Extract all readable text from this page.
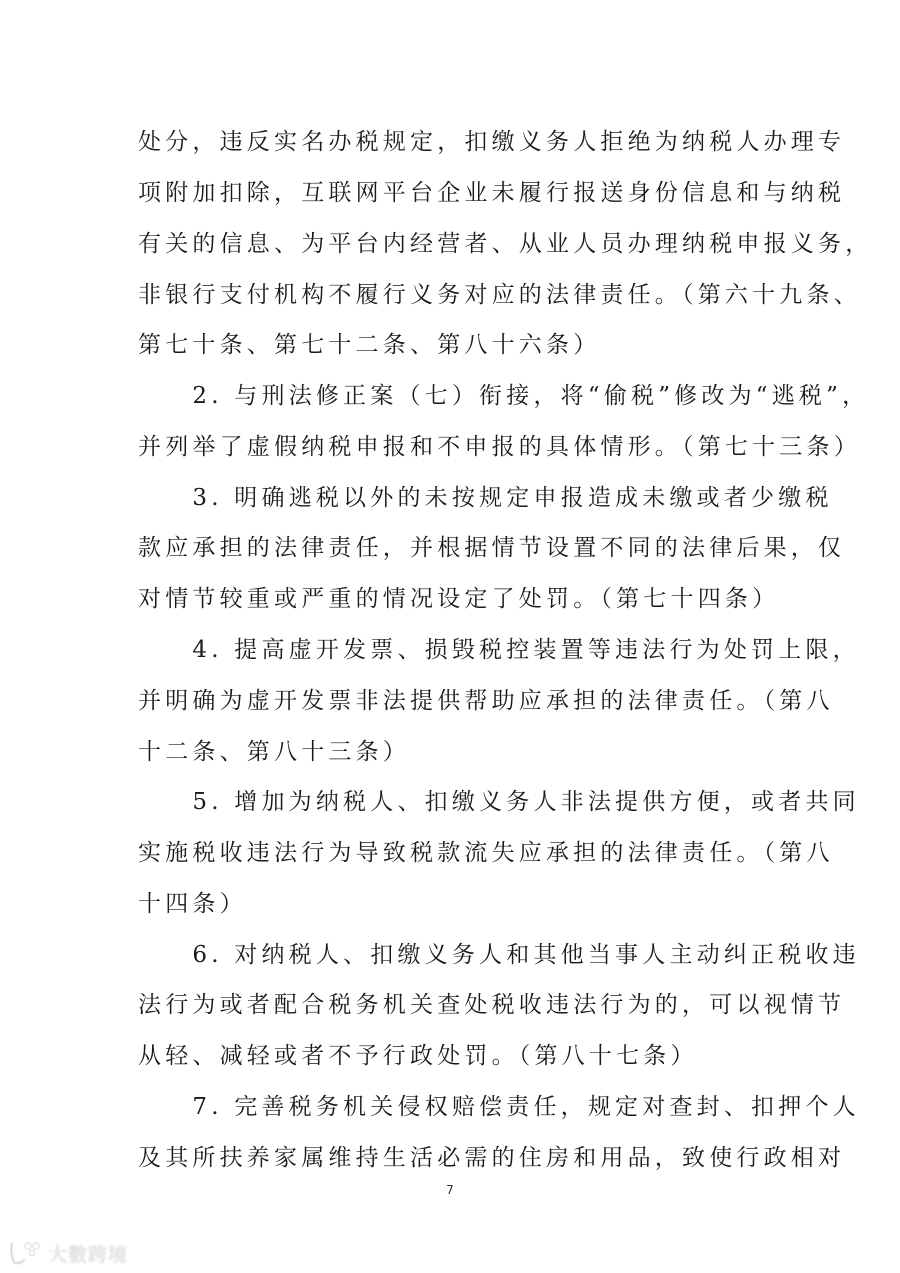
处分，违反实名办税规定，扣缴义务人拒绝为纳税人办理专
项附加扣除，互联网平台企业未履行报送身份信息和与纳税
有关的信息、为平台内经营者、从业人员办理纳税申报义务，
非银行支付机构不履行义务对应的法律责任。（第六十九条、
第七十条、第七十二条、第八十六条）
　　2. 与刑法修正案（七）衔接，将“偷税”修改为“逃税”，
并列举了虚假纳税申报和不申报的具体情形。（第七十三条）
　　3. 明确逃税以外的未按规定申报造成未缴或者少缴税
款应承担的法律责任，并根据情节设置不同的法律后果，仅
对情节较重或严重的情况设定了处罚。（第七十四条）
　　4. 提高虚开发票、损毁税控装置等违法行为处罚上限，
并明确为虚开发票非法提供帮助应承担的法律责任。（第八
十二条、第八十三条）
　　5. 增加为纳税人、扣缴义务人非法提供方便，或者共同
实施税收违法行为导致税款流失应承担的法律责任。（第八
十四条）
　　6. 对纳税人、扣缴义务人和其他当事人主动纠正税收违
法行为或者配合税务机关查处税收违法行为的，可以视情节
从轻、减轻或者不予行政处罚。（第八十七条）
　　7. 完善税务机关侵权赔偿责任，规定对查封、扣押个人
及其所扶养家属维持生活必需的住房和用品，致使行政相对
7
大數跨境
